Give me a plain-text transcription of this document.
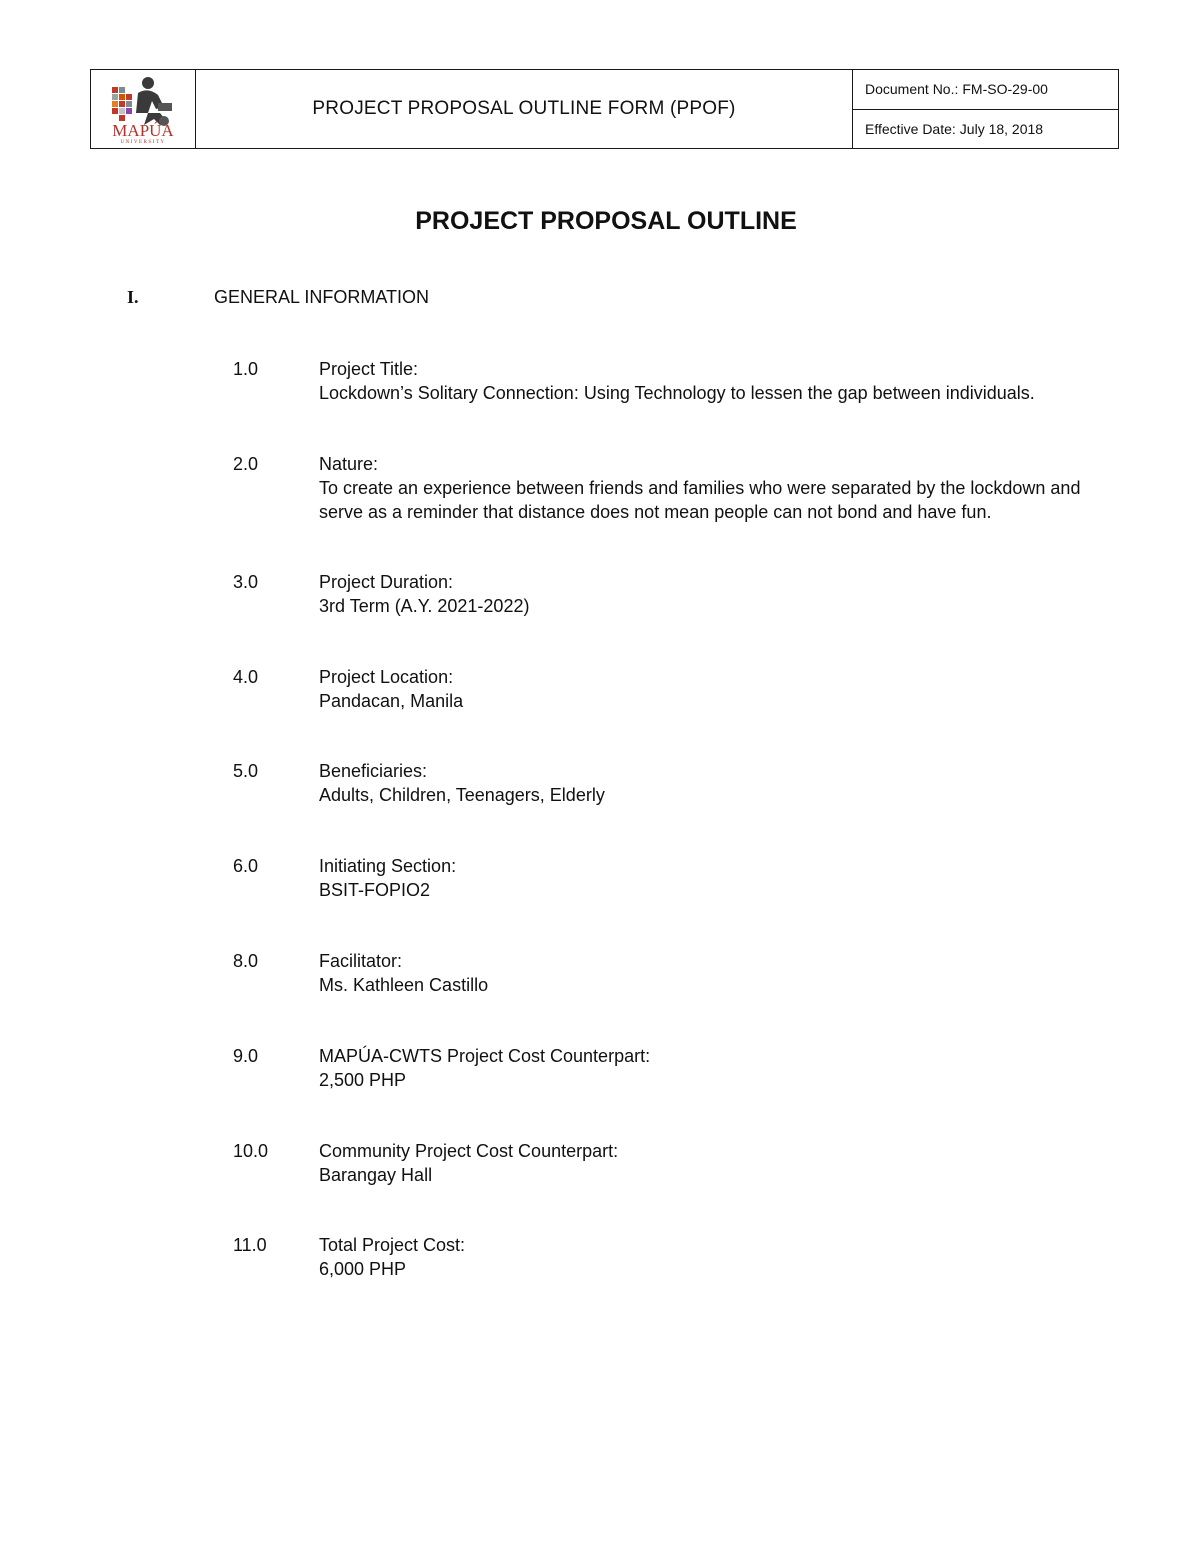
MAPÚA
UNIVERSITY
PROJECT PROPOSAL OUTLINE FORM (PPOF)
Document No.: FM-SO-29-00
Effective Date: July 18, 2018
PROJECT PROPOSAL OUTLINE
I.	GENERAL INFORMATION
1.0	Project Title:
Lockdown’s Solitary Connection: Using Technology to lessen the gap between individuals.
2.0	Nature:
To create an experience between friends and families who were separated by the lockdown and serve as a reminder that distance does not mean people can not bond and have fun.
3.0	Project Duration:
3rd Term (A.Y. 2021-2022)
4.0	Project Location:
Pandacan, Manila
5.0	Beneficiaries:
Adults, Children, Teenagers, Elderly
6.0	Initiating Section:
BSIT-FOPIO2
8.0	Facilitator:
Ms. Kathleen Castillo
9.0	MAPÚA-CWTS Project Cost Counterpart:
2,500 PHP
10.0	Community Project Cost Counterpart:
Barangay Hall
11.0	Total Project Cost:
6,000 PHP
